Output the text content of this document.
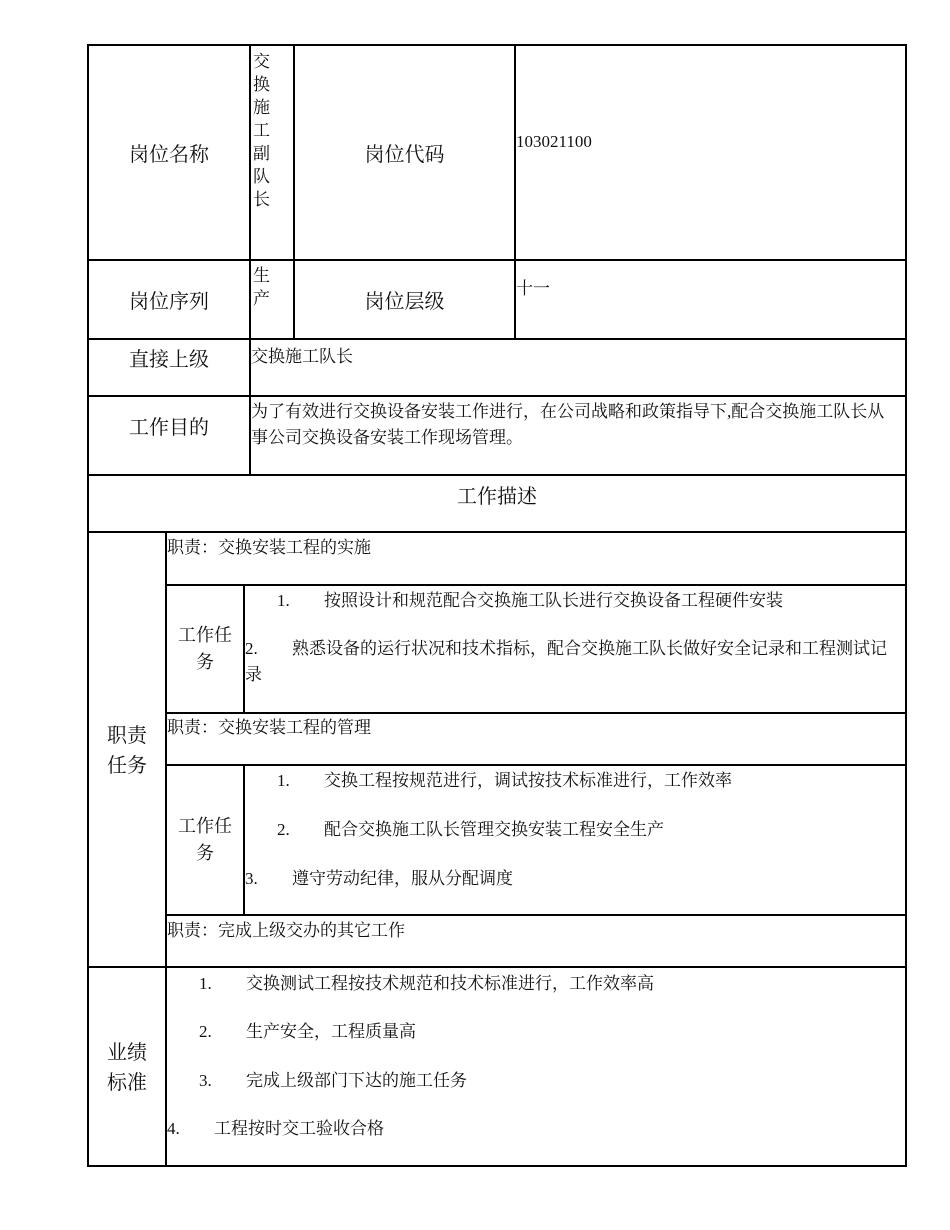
岗位名称
交换施工副队长
岗位代码
103021100
岗位序列
生产	岗位层级
十一
直接上级	交换施工队长
工作目的
为了有效进行交换设备安装工作进行，在公司战略和政策指导下,配合交换施工队长从事公司交换设备安装工作现场管理。
工作描述
职责任务
职责：交换安装工程的实施
工作任务
1. 按照设计和规范配合交换施工队长进行交换设备工程硬件安装
2. 熟悉设备的运行状况和技术指标，配合交换施工队长做好安全记录和工程测试记录
职责：交换安装工程的管理
工作任务
1. 交换工程按规范进行，调试按技术标准进行，工作效率
2. 配合交换施工队长管理交换安装工程安全生产
3. 遵守劳动纪律，服从分配调度
职责：完成上级交办的其它工作
业绩标准
1. 交换测试工程按技术规范和技术标准进行，工作效率高
2. 生产安全，工程质量高
3. 完成上级部门下达的施工任务
4. 工程按时交工验收合格
